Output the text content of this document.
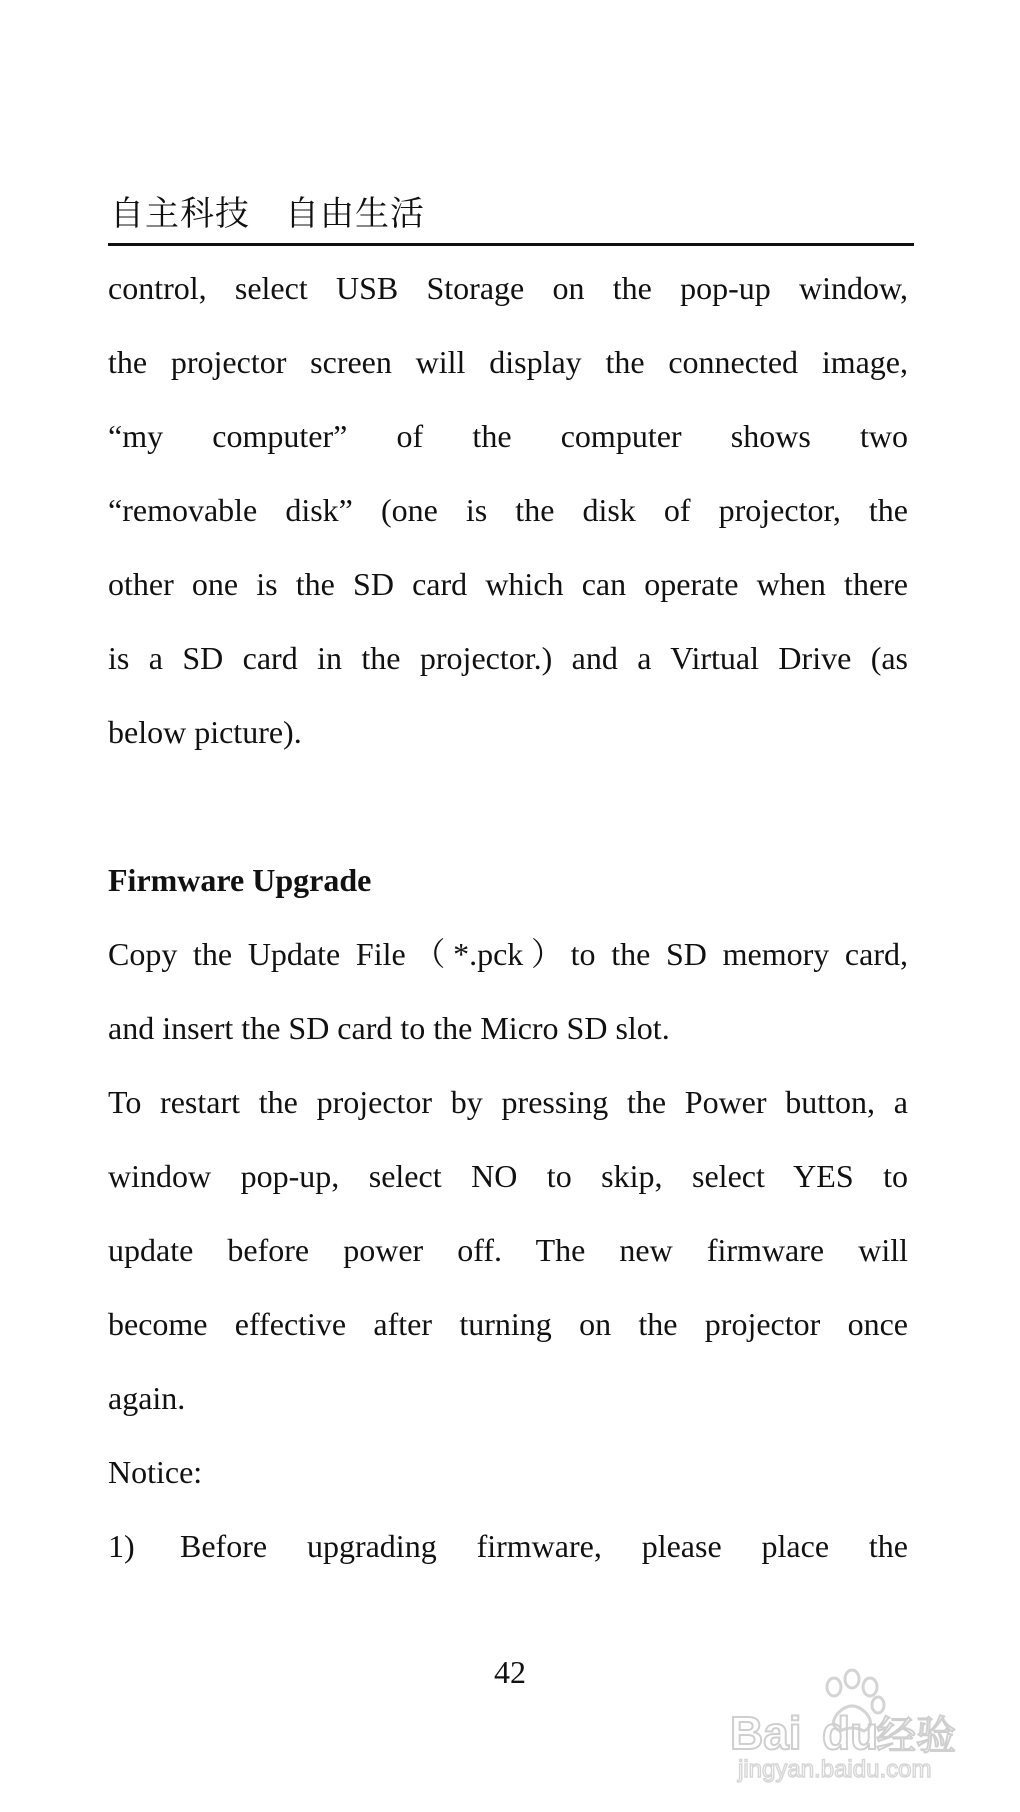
自主科技　自由生活
control, select USB Storage on the pop-up window,
the projector screen will display the connected image,
“my computer” of the computer shows two
“removable disk” (one is the disk of projector, the
other one is the SD card which can operate when there
is a SD card in the projector.) and a Virtual Drive (as
below picture).
Firmware Upgrade
Copy the Update File（*.pck）to the SD memory card,
and insert the SD card to the Micro SD slot.
To restart the projector by pressing the Power button, a
window pop-up, select NO to skip, select YES to
update before power off. The new firmware will
become effective after turning on the projector once
again.
Notice:
1) Before upgrading firmware, please place the
42
Bai du
经验
jingyan.baidu.com
